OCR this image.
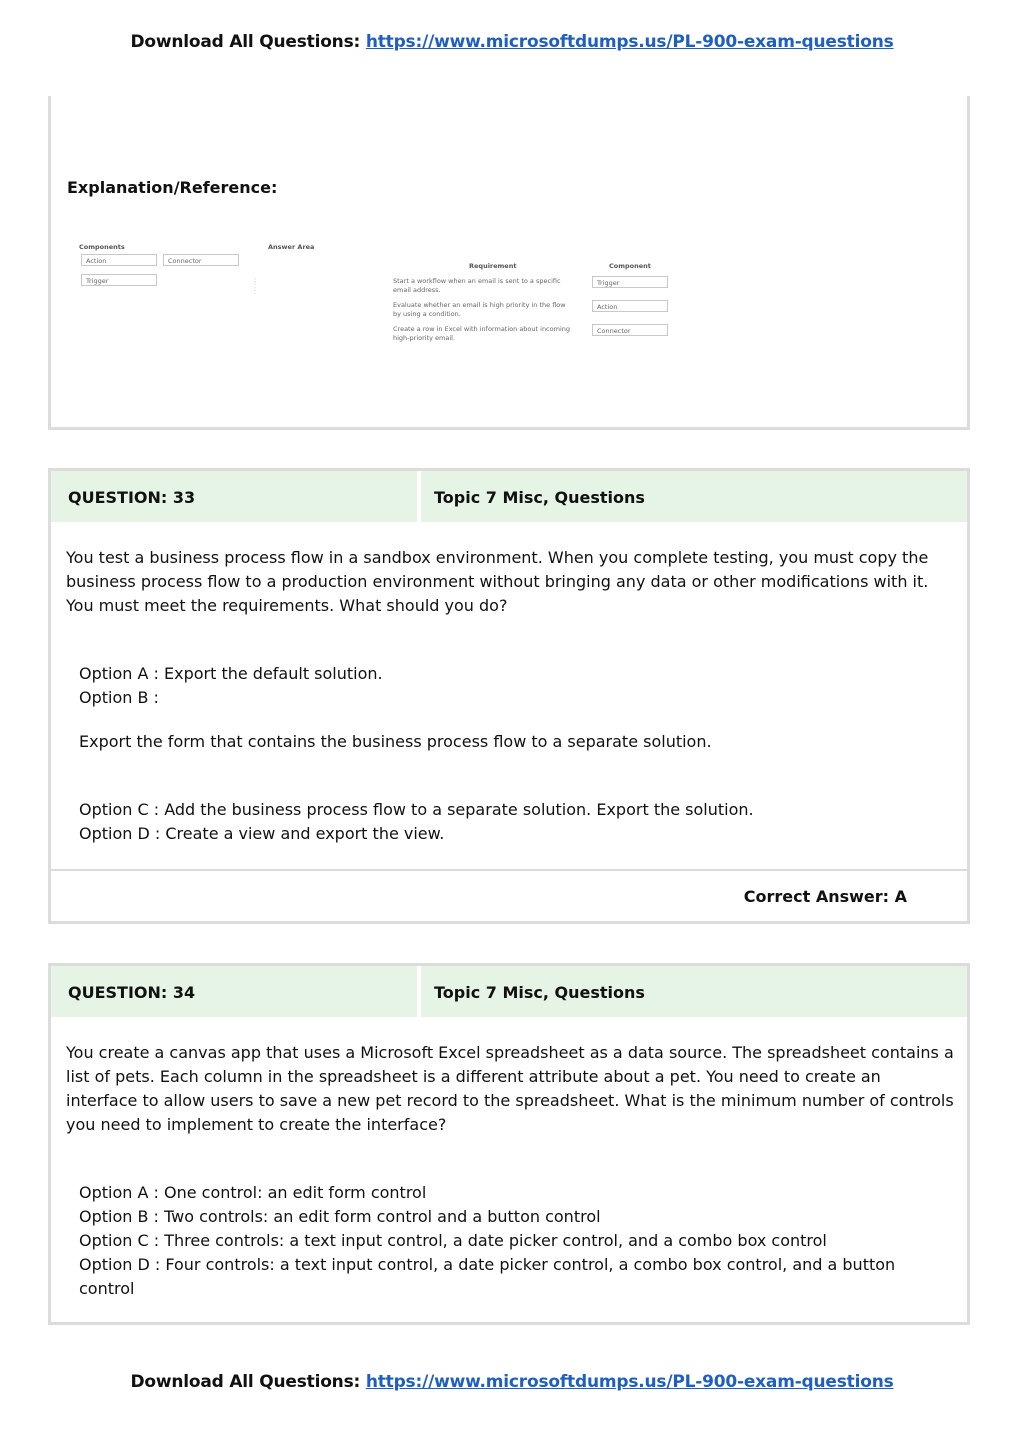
Download All Questions: https://www.microsoftdumps.us/PL-900-exam-questions
Explanation/Reference:
Components
Action	Connector
Trigger
Answer Area
⋮
⋮
Requirement	Component
Start a workflow when an email is sent to a specific email address.
Trigger
Evaluate whether an email is high priority in the flow by using a condition.
Action
Create a row in Excel with information about incoming high-priority email.
Connector
QUESTION: 33	Topic 7 Misc, Questions
You test a business process flow in a sandbox environment. When you complete testing, you must copy the business process flow to a production environment without bringing any data or other modifications with it. You must meet the requirements. What should you do?
Option A : Export the default solution.
Option B :
Export the form that contains the business process flow to a separate solution.
Option C : Add the business process flow to a separate solution. Export the solution.
Option D : Create a view and export the view.
Correct Answer: A
QUESTION: 34	Topic 7 Misc, Questions
You create a canvas app that uses a Microsoft Excel spreadsheet as a data source. The spreadsheet contains a list of pets. Each column in the spreadsheet is a different attribute about a pet. You need to create an interface to allow users to save a new pet record to the spreadsheet. What is the minimum number of controls you need to implement to create the interface?
Option A : One control: an edit form control
Option B : Two controls: an edit form control and a button control
Option C : Three controls: a text input control, a date picker control, and a combo box control
Option D : Four controls: a text input control, a date picker control, a combo box control, and a button control
Download All Questions: https://www.microsoftdumps.us/PL-900-exam-questions
